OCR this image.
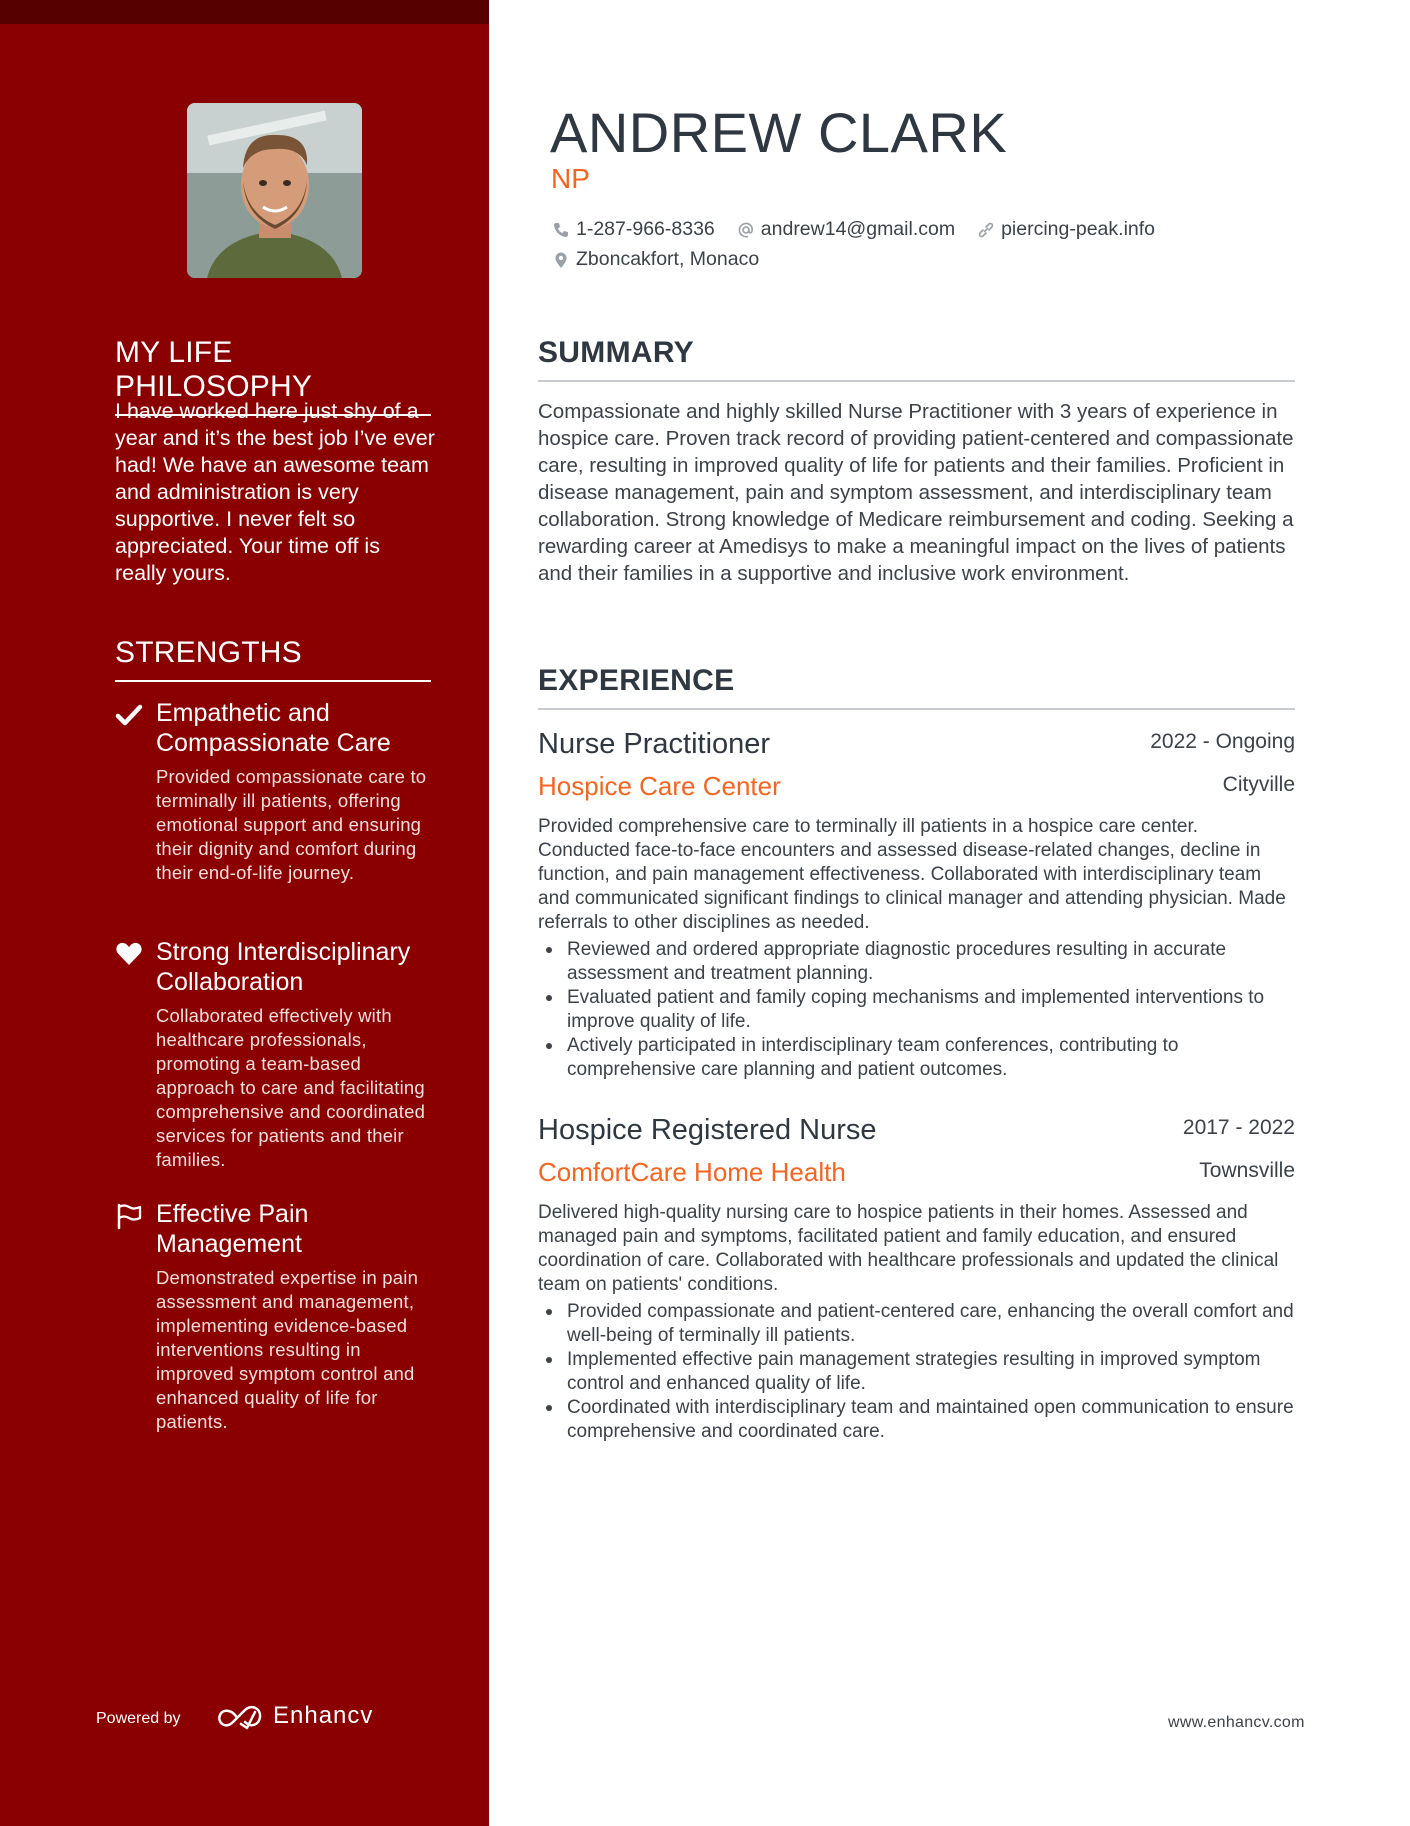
MY LIFE PHILOSOPHY

I have worked here just shy of a year and it’s the best job I’ve ever had! We have an awesome team and administration is very supportive. I never felt so appreciated. Your time off is really yours.

STRENGTHS
Empathetic and Compassionate Care
Provided compassionate care to terminally ill patients, offering emotional support and ensuring their dignity and comfort during their end-of-life journey.
Strong Interdisciplinary Collaboration
Collaborated effectively with healthcare professionals, promoting a team-based approach to care and facilitating comprehensive and coordinated services for patients and their families.
Effective Pain Management
Demonstrated expertise in pain assessment and management, implementing evidence-based interventions resulting in improved symptom control and enhanced quality of life for patients.
Powered by	Enhancv
ANDREW CLARK
NP
1-287-966-8336 andrew14@gmail.com piercing-peak.info
Zboncakfort, Monaco
SUMMARY

Compassionate and highly skilled Nurse Practitioner with 3 years of experience in hospice care. Proven track record of providing patient-centered and compassionate care, resulting in improved quality of life for patients and their families. Proficient in disease management, pain and symptom assessment, and interdisciplinary team collaboration. Strong knowledge of Medicare reimbursement and coding. Seeking a rewarding career at Amedisys to make a meaningful impact on the lives of patients and their families in a supportive and inclusive work environment.

EXPERIENCE
Nurse Practitioner	2022 - Ongoing
Hospice Care Center	Cityville

Provided comprehensive care to terminally ill patients in a hospice care center. Conducted face-to-face encounters and assessed disease-related changes, decline in function, and pain management effectiveness. Collaborated with interdisciplinary team and communicated significant findings to clinical manager and attending physician. Made referrals to other disciplines as needed.

Reviewed and ordered appropriate diagnostic procedures resulting in accurate assessment and treatment planning.
Evaluated patient and family coping mechanisms and implemented interventions to improve quality of life.
Actively participated in interdisciplinary team conferences, contributing to comprehensive care planning and patient outcomes.
Hospice Registered Nurse	2017 - 2022
ComfortCare Home Health	Townsville

Delivered high-quality nursing care to hospice patients in their homes. Assessed and managed pain and symptoms, facilitated patient and family education, and ensured coordination of care. Collaborated with healthcare professionals and updated the clinical team on patients' conditions.

Provided compassionate and patient-centered care, enhancing the overall comfort and well-being of terminally ill patients.
Implemented effective pain management strategies resulting in improved symptom control and enhanced quality of life.
Coordinated with interdisciplinary team and maintained open communication to ensure comprehensive and coordinated care.
www.enhancv.com
